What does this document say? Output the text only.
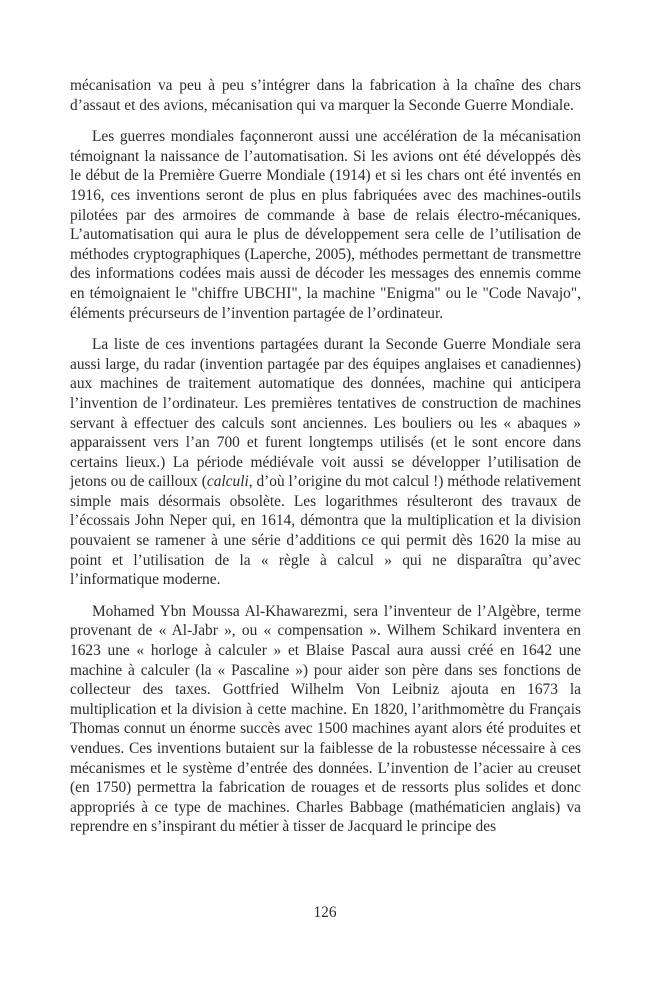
mécanisation va peu à peu s’intégrer dans la fabrication à la chaîne des chars d’assaut et des avions, mécanisation qui va marquer la Seconde Guerre Mondiale.

Les guerres mondiales façonneront aussi une accélération de la mécanisation témoignant la naissance de l’automatisation. Si les avions ont été développés dès le début de la Première Guerre Mondiale (1914) et si les chars ont été inventés en 1916, ces inventions seront de plus en plus fabriquées avec des machines-outils pilotées par des armoires de commande à base de relais électro-mécaniques. L’automatisation qui aura le plus de développement sera celle de l’utilisation de méthodes cryptographiques (Laperche, 2005), méthodes permettant de transmettre des informations codées mais aussi de décoder les messages des ennemis comme en témoignaient le "chiffre UBCHI", la machine "Enigma" ou le "Code Navajo", éléments précurseurs de l’invention partagée de l’ordinateur.

La liste de ces inventions partagées durant la Seconde Guerre Mondiale sera aussi large, du radar (invention partagée par des équipes anglaises et canadiennes) aux machines de traitement automatique des données, machine qui anticipera l’invention de l’ordinateur. Les premières tentatives de construction de machines servant à effectuer des calculs sont anciennes. Les bouliers ou les « abaques » apparaissent vers l’an 700 et furent longtemps utilisés (et le sont encore dans certains lieux.) La période médiévale voit aussi se développer l’utilisation de jetons ou de cailloux (calculi, d’où l’origine du mot calcul !) méthode relativement simple mais désormais obsolète. Les logarithmes résulteront des travaux de l’écossais John Neper qui, en 1614, démontra que la multiplication et la division pouvaient se ramener à une série d’additions ce qui permit dès 1620 la mise au point et l’utilisation de la « règle à calcul » qui ne disparaîtra qu’avec l’informatique moderne.

Mohamed Ybn Moussa Al-Khawarezmi, sera l’inventeur de l’Algèbre, terme provenant de « Al-Jabr », ou « compensation ». Wilhem Schikard inventera en 1623 une « horloge à calculer » et Blaise Pascal aura aussi créé en 1642 une machine à calculer (la « Pascaline ») pour aider son père dans ses fonctions de collecteur des taxes. Gottfried Wilhelm Von Leibniz ajouta en 1673 la multiplication et la division à cette machine. En 1820, l’arithmomètre du Français Thomas connut un énorme succès avec 1500 machines ayant alors été produites et vendues. Ces inventions butaient sur la faiblesse de la robustesse nécessaire à ces mécanismes et le système d’entrée des données. L’invention de l’acier au creuset (en 1750) permettra la fabrication de rouages et de ressorts plus solides et donc appropriés à ce type de machines. Charles Babbage (mathématicien anglais) va reprendre en s’inspirant du métier à tisser de Jacquard le principe des

126
